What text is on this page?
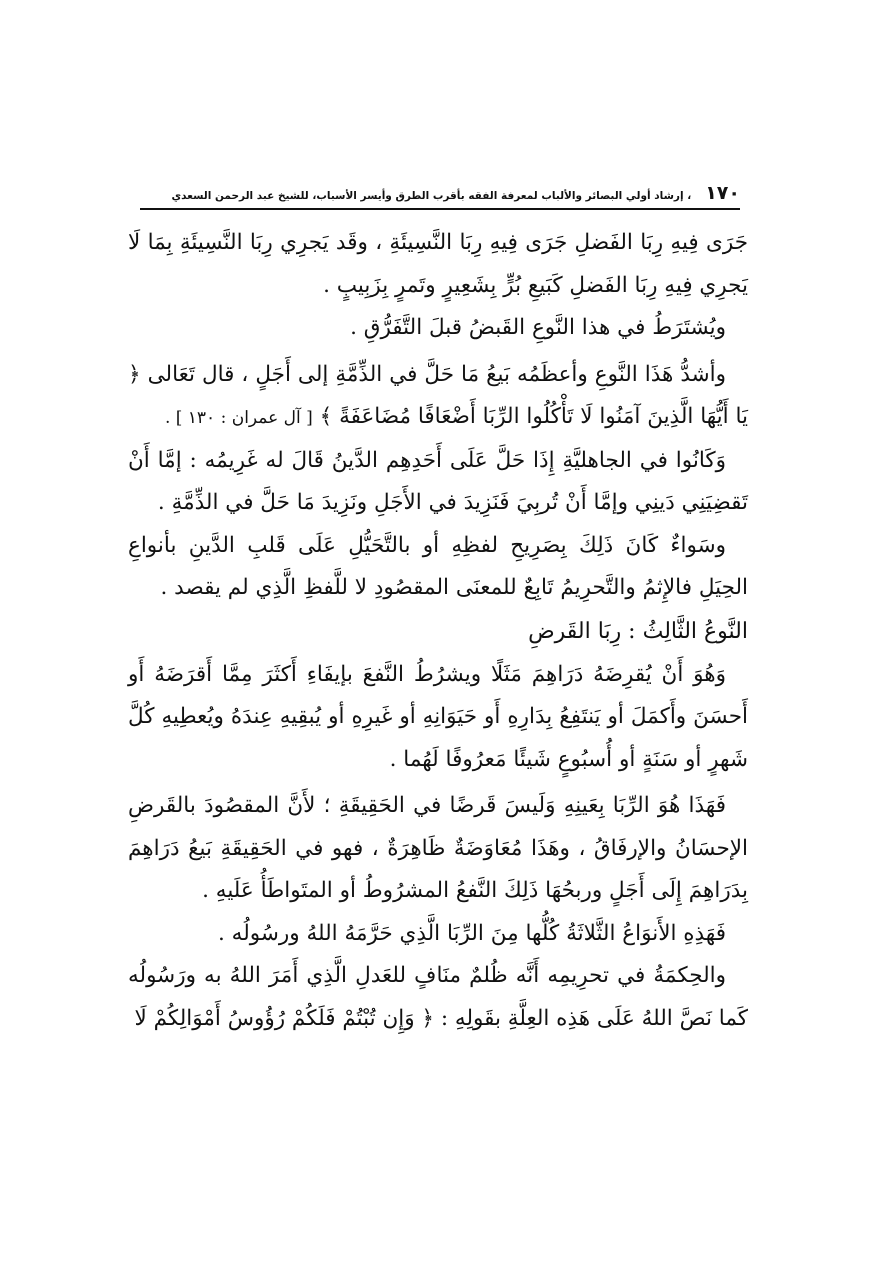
١٧٠
، إرشاد أولي البصائر والألباب لمعرفة الفقه بأقرب الطرق وأيسر الأسباب، للشيخ عبد الرحمن السعدي

جَرَى فِيهِ رِبَا الفَضلِ جَرَى فِيهِ رِبَا النَّسِيئَةِ ، وقَد يَجرِي رِبَا النَّسِيئَةِ بِمَا لَا يَجرِي فِيهِ رِبَا الفَضلِ كَبَيعِ بُرٍّ بِشَعِيرٍ وتَمرٍ بِزَبِيبٍ .

ويُشتَرَطُ في هذا النَّوعِ القَبضُ قبلَ التَّفَرُّقِ .

وأشدُّ هَذَا النَّوعِ وأعظَمُه بَيعُ مَا حَلَّ في الذِّمَّةِ إلى أَجَلٍ ، قال تَعَالى ﴿ يَا أَيُّهَا الَّذِينَ آمَنُوا لَا تَأْكُلُوا الرِّبَا أَضْعَافًا مُضَاعَفَةً ﴾ [ آل عمران : ١٣٠ ] .

وَكَانُوا في الجاهليَّةِ إِذَا حَلَّ عَلَى أَحَدِهِم الدَّينُ قَالَ له غَرِيمُه : إمَّا أَنْ تَقضِيَنِي دَينِي وإمَّا أَنْ تُربِيَ فَنَزِيدَ في الأَجَلِ ونَزِيدَ مَا حَلَّ في الذِّمَّةِ .

وسَواءٌ كَانَ ذَلِكَ بِصَرِيحِ لفظِهِ أو بالتَّحَيُّلِ عَلَى قَلبِ الدَّينِ بأنواعِ الحِيَلِ فالإِثمُ والتَّحرِيمُ تَابِعٌ للمعنَى المقصُودِ لا للَّفظِ الَّذِي لم يقصد .

النَّوعُ الثَّالِثُ : رِبَا القَرضِ

وَهُوَ أَنْ يُقرِضَهُ دَرَاهِمَ مَثَلًا ويشرُطُ النَّفعَ بإيفَاءِ أَكثَرَ مِمَّا أَقرَضَهُ أَو أَحسَنَ وأَكمَلَ أو يَنتَفِعُ بِدَارِهِ أَو حَيَوَانِهِ أو غَيرِهِ أو يُبقِيهِ عِندَهُ ويُعطِيهِ كُلَّ شَهرٍ أو سَنَةٍ أو أُسبُوعٍ شَيئًا مَعرُوفًا لَهُما .

فَهَذَا هُوَ الرِّبَا بِعَينِهِ وَلَيسَ قَرضًا في الحَقِيقَةِ ؛ لأَنَّ المقصُودَ بالقَرضِ الإحسَانُ والإرفَاقُ ، وهَذَا مُعَاوَضَةٌ ظَاهِرَةٌ ، فهو في الحَقِيقَةِ بَيعُ دَرَاهِمَ بِدَرَاهِمَ إِلَى أَجَلٍ وربحُهَا ذَلِكَ النَّفعُ المشرُوطُ أو المتَواطَأُ عَلَيهِ .

فَهَذِهِ الأَنوَاعُ الثَّلاثَةُ كُلُّها مِنَ الرِّبَا الَّذِي حَرَّمَهُ اللهُ ورسُولُه .

والحِكمَةُ في تحرِيمِه أَنَّه ظُلمٌ منَافٍ للعَدلِ الَّذِي أَمَرَ اللهُ به ورَسُولُه كَما نَصَّ اللهُ عَلَى هَذِه العِلَّةِ بقَولِهِ : ﴿ وَإِن تُبْتُمْ فَلَكُمْ رُؤُوسُ أَمْوَالِكُمْ لَا
